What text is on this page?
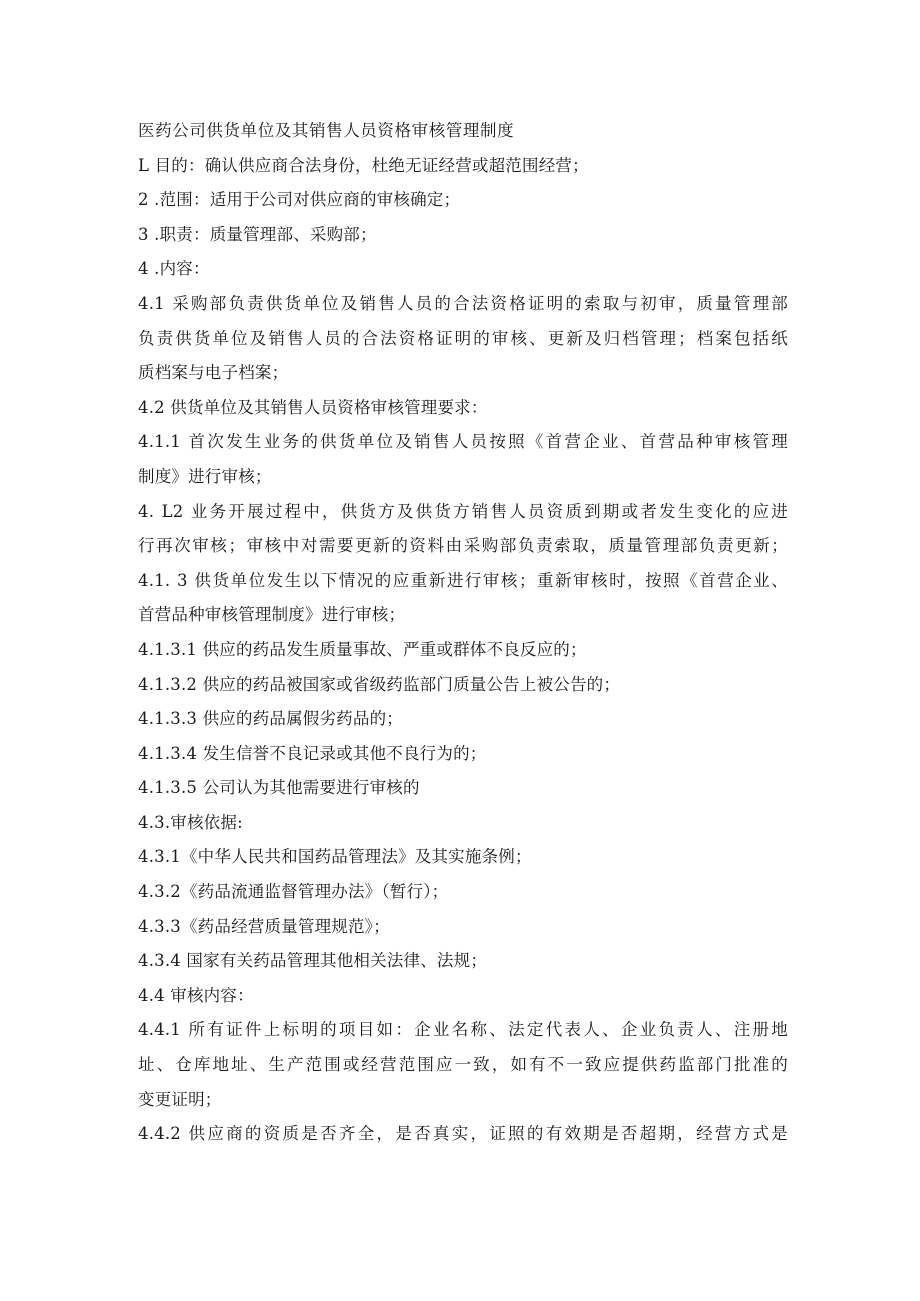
医药公司供货单位及其销售人员资格审核管理制度
L 目的：确认供应商合法身份，杜绝无证经营或超范围经营；
2 .范围：适用于公司对供应商的审核确定；
3 .职责：质量管理部、采购部；
4 .内容：
4.1 采购部负责供货单位及销售人员的合法资格证明的索取与初审，质量管理部
负责供货单位及销售人员的合法资格证明的审核、更新及归档管理；档案包括纸
质档案与电子档案；
4.2 供货单位及其销售人员资格审核管理要求：
4.1.1 首次发生业务的供货单位及销售人员按照《首营企业、首营品种审核管理
制度》进行审核；
4. L2 业务开展过程中，供货方及供货方销售人员资质到期或者发生变化的应进
行再次审核；审核中对需要更新的资料由采购部负责索取，质量管理部负责更新；
4.1. 3 供货单位发生以下情况的应重新进行审核；重新审核时，按照《首营企业、
首营品种审核管理制度》进行审核；
4.1.3.1 供应的药品发生质量事故、严重或群体不良反应的；
4.1.3.2 供应的药品被国家或省级药监部门质量公告上被公告的；
4.1.3.3 供应的药品属假劣药品的；
4.1.3.4 发生信誉不良记录或其他不良行为的；
4.1.3.5 公司认为其他需要进行审核的
4.3.审核依据:
4.3.1《中华人民共和国药品管理法》及其实施条例；
4.3.2《药品流通监督管理办法》（暂行）；
4.3.3《药品经营质量管理规范》；
4.3.4 国家有关药品管理其他相关法律、法规；
4.4 审核内容：
4.4.1 所有证件上标明的项目如：企业名称、法定代表人、企业负责人、注册地
址、仓库地址、生产范围或经营范围应一致，如有不一致应提供药监部门批准的
变更证明；
4.4.2 供应商的资质是否齐全，是否真实，证照的有效期是否超期，经营方式是
